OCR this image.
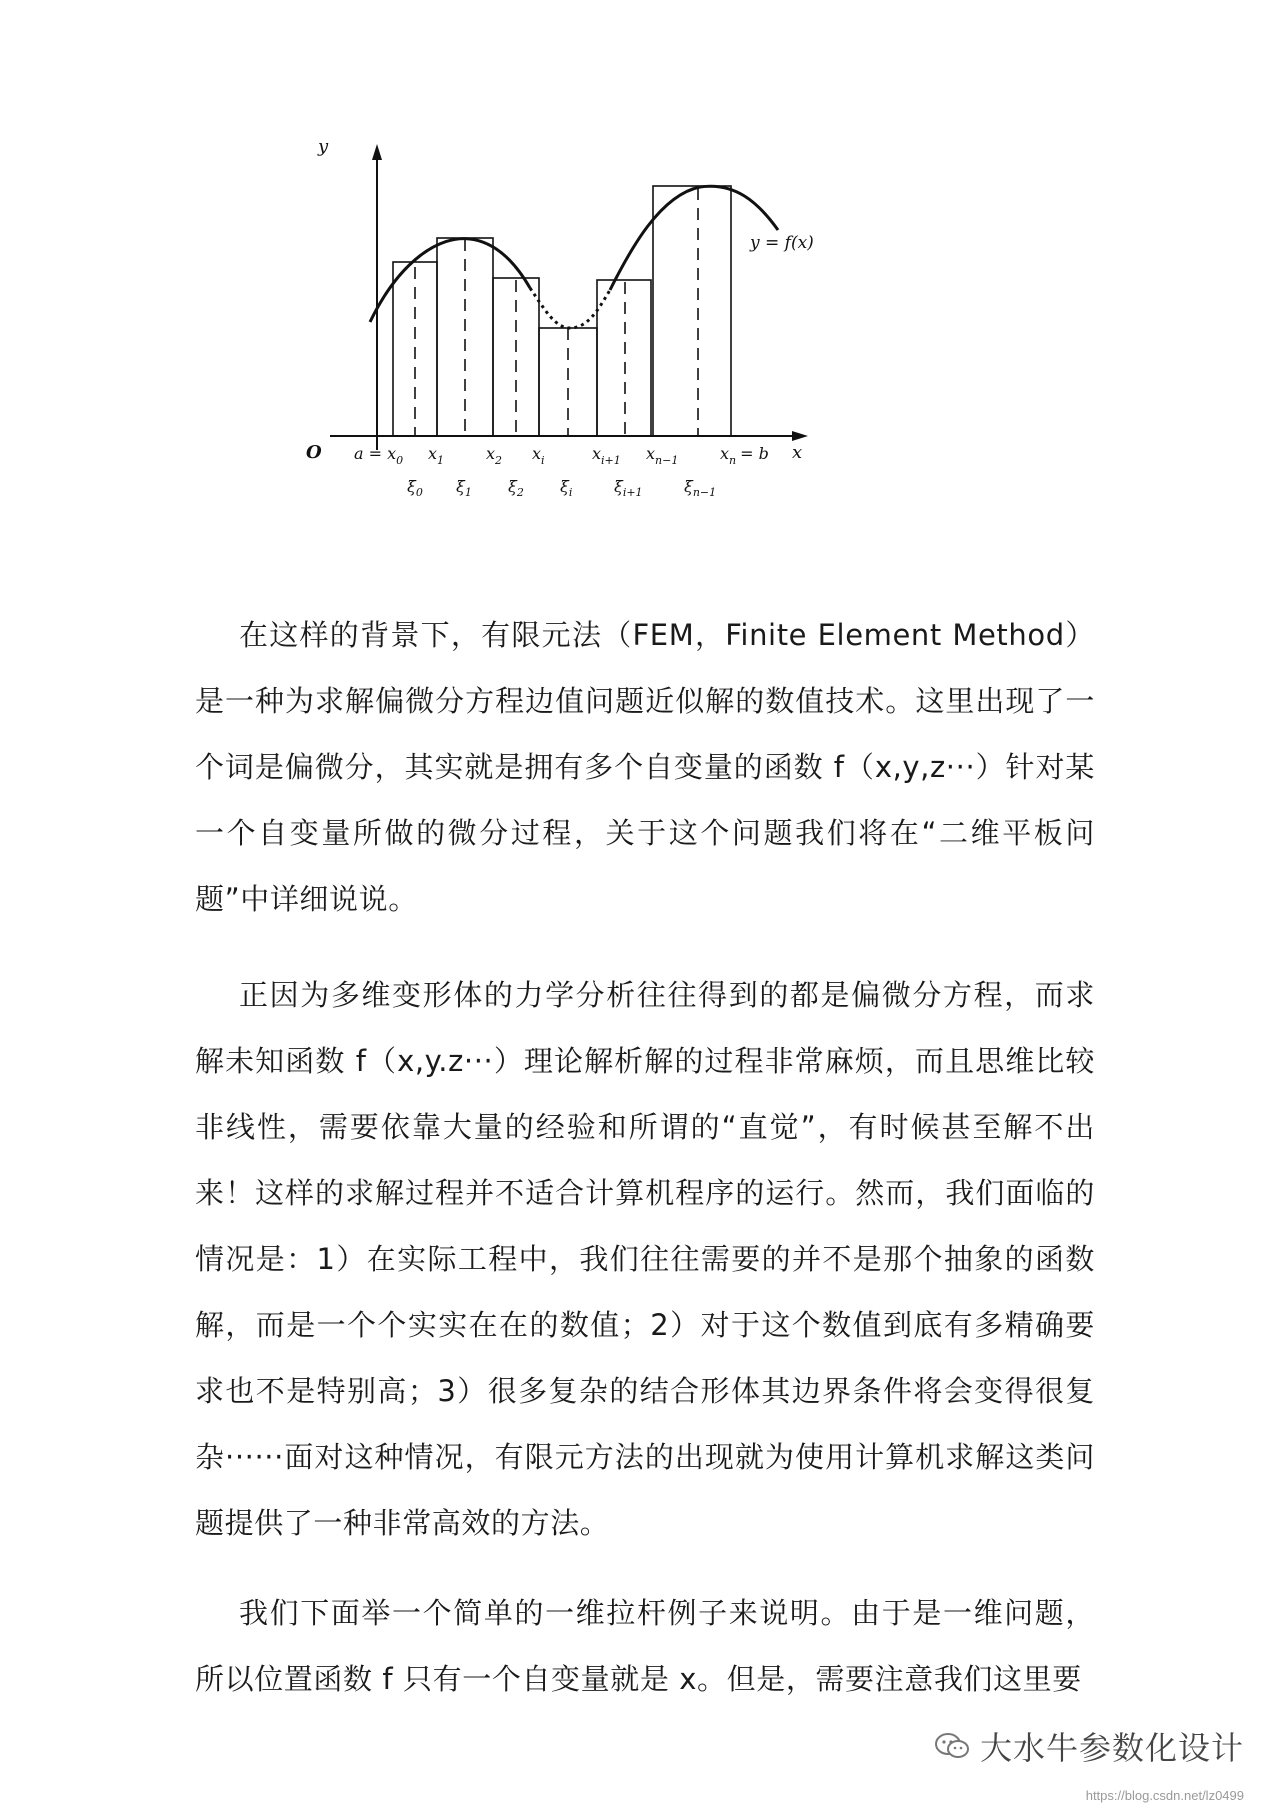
y
x
O
y = f(x)
$a = x_0$ $x_1$	$x_2$ $x_i$	$x_{i+1}$ $x_{n-1}$	$x_n = b$
$\xi_0$ $\xi_1$ $\xi_2$ $\xi_i$	$\xi_{i+1}$	$\xi_{n-1}$

在这样的背景下，有限元法（FEM，Finite Element Method）是一种为求解偏微分方程边值问题近似解的数值技术。这里出现了一个词是偏微分，其实就是拥有多个自变量的函数 f（x,y,z···）针对某一个自变量所做的微分过程，关于这个问题我们将在“二维平板问题”中详细说说。

正因为多维变形体的力学分析往往得到的都是偏微分方程，而求解未知函数 f（x,y.z···）理论解析解的过程非常麻烦，而且思维比较非线性，需要依靠大量的经验和所谓的“直觉”，有时候甚至解不出来！这样的求解过程并不适合计算机程序的运行。然而，我们面临的情况是：1）在实际工程中，我们往往需要的并不是那个抽象的函数解，而是一个个实实在在的数值；2）对于这个数值到底有多精确要求也不是特别高；3）很多复杂的结合形体其边界条件将会变得很复杂······面对这种情况，有限元方法的出现就为使用计算机求解这类问题提供了一种非常高效的方法。

我们下面举一个简单的一维拉杆例子来说明。由于是一维问题，所以位置函数 f 只有一个自变量就是 x。但是，需要注意我们这里要

大水牛参数化设计
https://blog.csdn.net/lz0499
